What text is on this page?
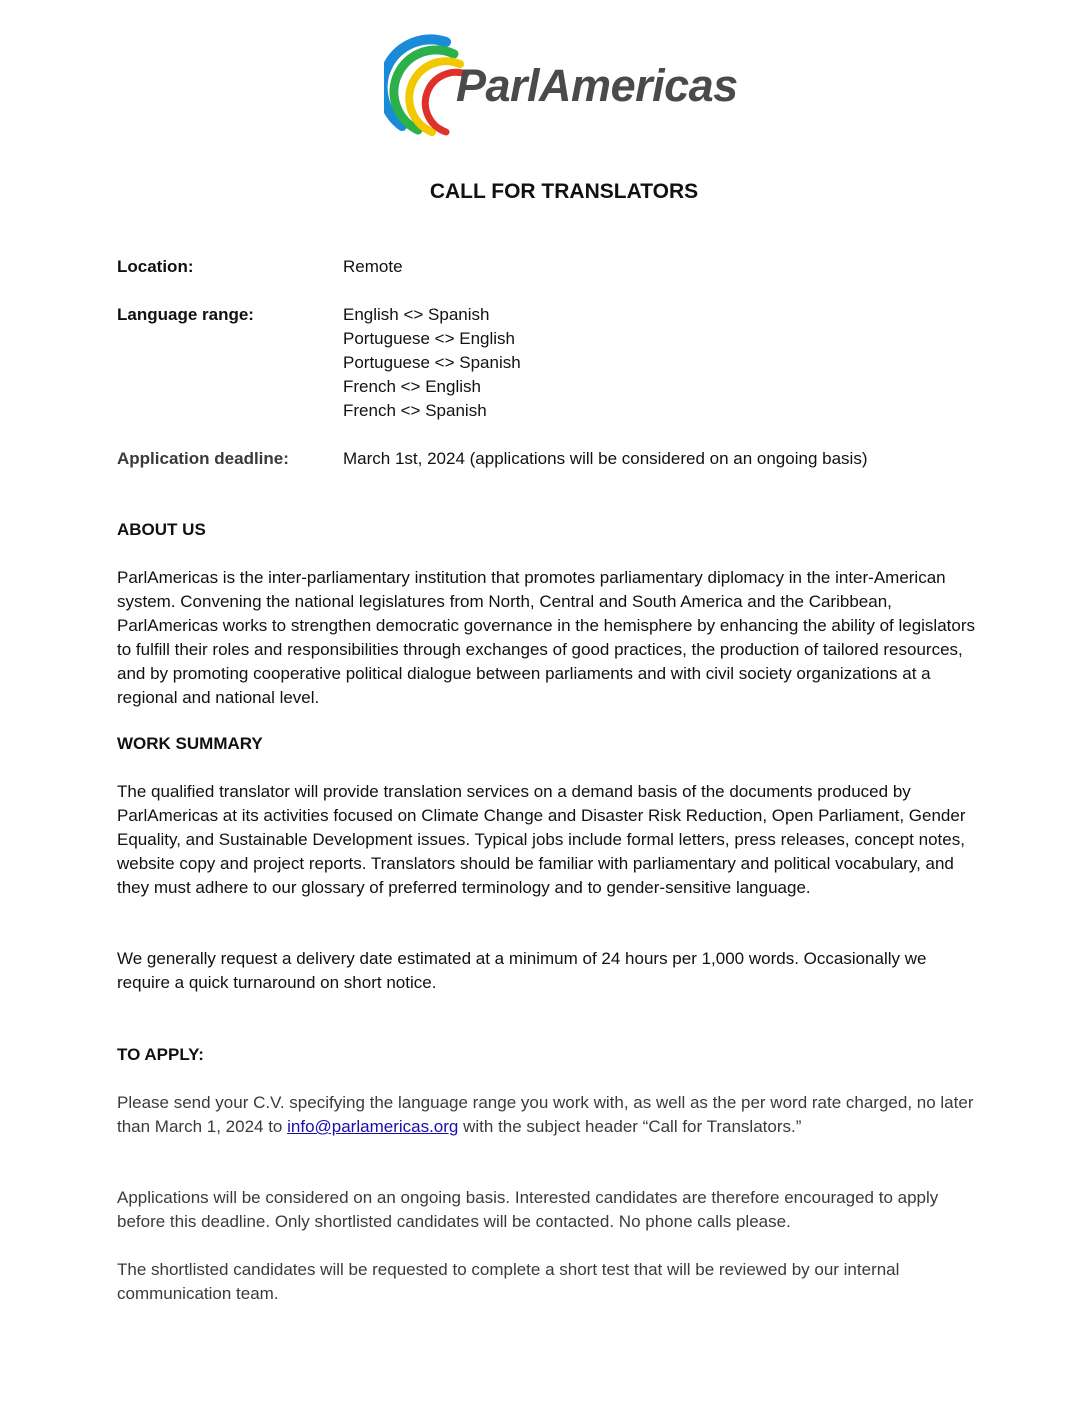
ParlAmericas
CALL FOR TRANSLATORS
Location:	Remote
Language range:	English <> Spanish
Portuguese <> English
Portuguese <> Spanish
French <> English
French <> Spanish
Application deadline:	March 1st, 2024 (applications will be considered on an ongoing basis)
ABOUT US
ParlAmericas is the inter-parliamentary institution that promotes parliamentary diplomacy in the inter-American system. Convening the national legislatures from North, Central and South America and the Caribbean, ParlAmericas works to strengthen democratic governance in the hemisphere by enhancing the ability of legislators to fulfill their roles and responsibilities through exchanges of good practices, the production of tailored resources, and by promoting cooperative political dialogue between parliaments and with civil society organizations at a regional and national level.
WORK SUMMARY
The qualified translator will provide translation services on a demand basis of the documents produced by ParlAmericas at its activities focused on Climate Change and Disaster Risk Reduction, Open Parliament, Gender Equality, and Sustainable Development issues. Typical jobs include formal letters, press releases, concept notes, website copy and project reports. Translators should be familiar with parliamentary and political vocabulary, and they must adhere to our glossary of preferred terminology and to gender-sensitive language.
We generally request a delivery date estimated at a minimum of 24 hours per 1,000 words. Occasionally we require a quick turnaround on short notice.
TO APPLY:
Please send your C.V. specifying the language range you work with, as well as the per word rate charged, no later than March 1, 2024 to info@parlamericas.org with the subject header “Call for Translators.”
Applications will be considered on an ongoing basis. Interested candidates are therefore encouraged to apply before this deadline. Only shortlisted candidates will be contacted. No phone calls please.
The shortlisted candidates will be requested to complete a short test that will be reviewed by our internal communication team.
